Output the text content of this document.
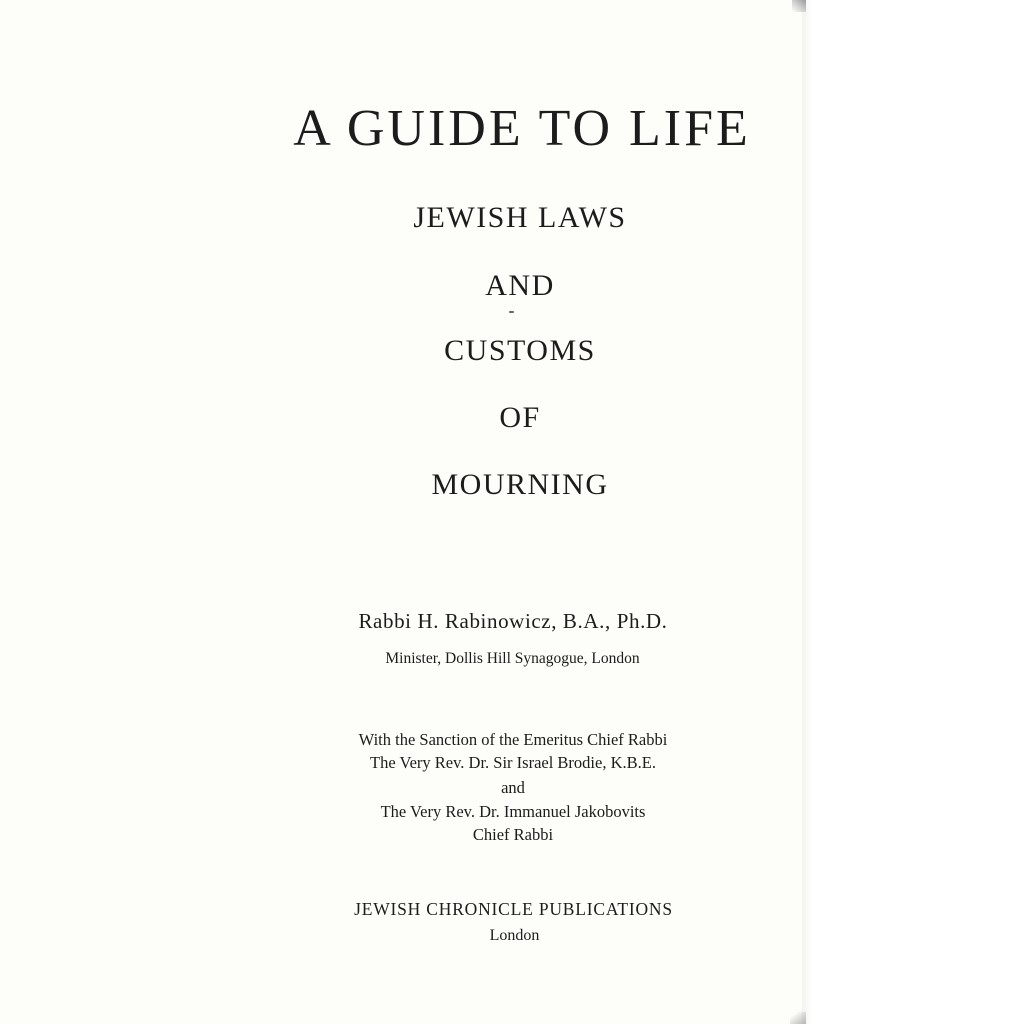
A GUIDE TO LIFE

JEWISH LAWS

AND

CUSTOMS

OF

MOURNING

Rabbi H. Rabinowicz, B.A., Ph.D.

Minister, Dollis Hill Synagogue, London

With the Sanction of the Emeritus Chief Rabbi

The Very Rev. Dr. Sir Israel Brodie, K.B.E.

and

The Very Rev. Dr. Immanuel Jakobovits

Chief Rabbi

JEWISH CHRONICLE PUBLICATIONS

London
